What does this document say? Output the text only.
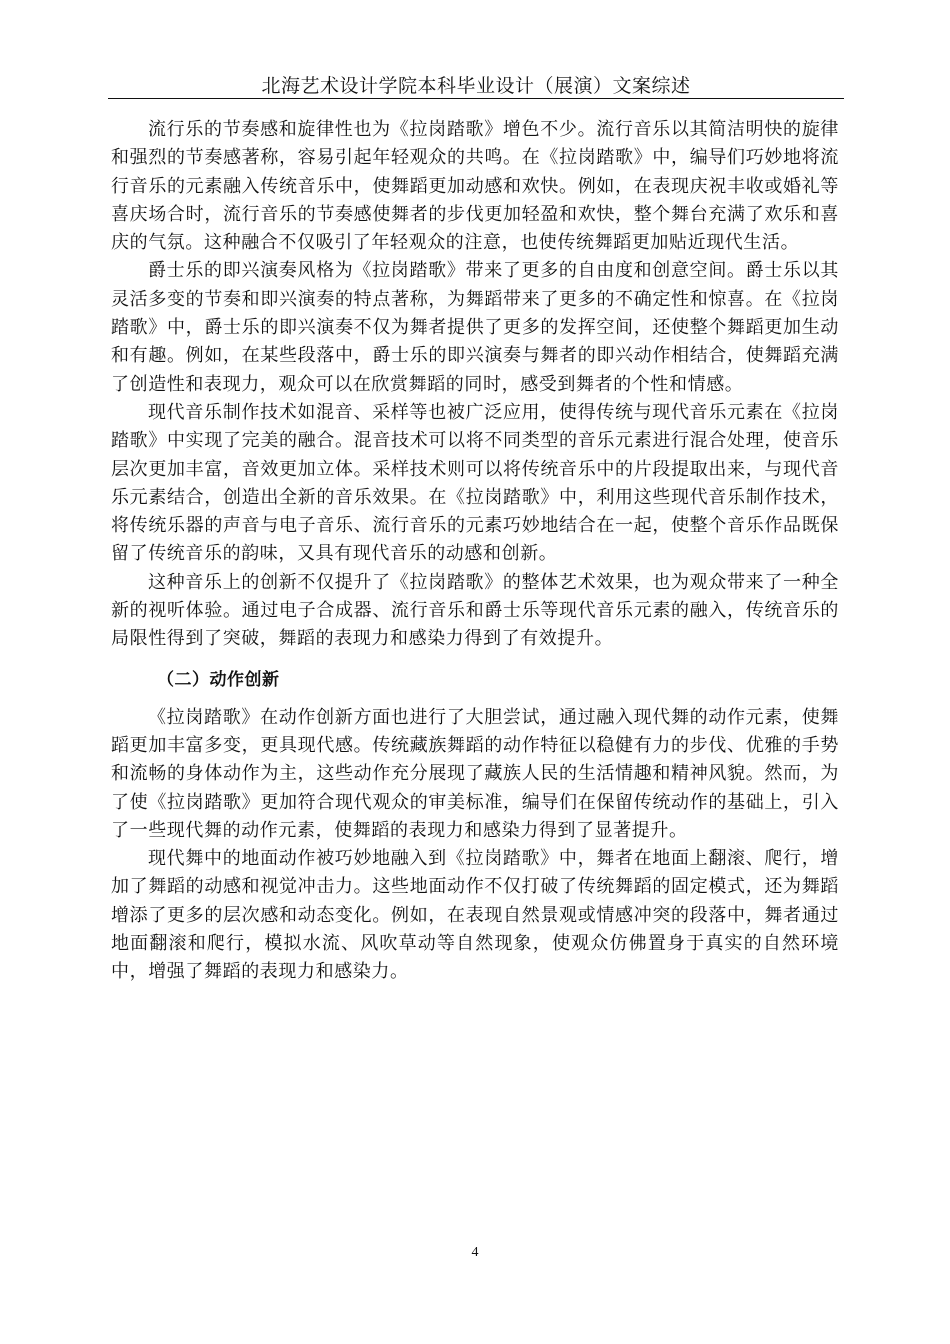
北海艺术设计学院本科毕业设计（展演）文案综述

流行乐的节奏感和旋律性也为《拉岗踏歌》增色不少。流行音乐以其简洁明快的旋律和强烈的节奏感著称，容易引起年轻观众的共鸣。在《拉岗踏歌》中，编导们巧妙地将流行音乐的元素融入传统音乐中，使舞蹈更加动感和欢快。例如，在表现庆祝丰收或婚礼等喜庆场合时，流行音乐的节奏感使舞者的步伐更加轻盈和欢快，整个舞台充满了欢乐和喜庆的气氛。这种融合不仅吸引了年轻观众的注意，也使传统舞蹈更加贴近现代生活。

爵士乐的即兴演奏风格为《拉岗踏歌》带来了更多的自由度和创意空间。爵士乐以其灵活多变的节奏和即兴演奏的特点著称，为舞蹈带来了更多的不确定性和惊喜。在《拉岗踏歌》中，爵士乐的即兴演奏不仅为舞者提供了更多的发挥空间，还使整个舞蹈更加生动和有趣。例如，在某些段落中，爵士乐的即兴演奏与舞者的即兴动作相结合，使舞蹈充满了创造性和表现力，观众可以在欣赏舞蹈的同时，感受到舞者的个性和情感。

现代音乐制作技术如混音、采样等也被广泛应用，使得传统与现代音乐元素在《拉岗踏歌》中实现了完美的融合。混音技术可以将不同类型的音乐元素进行混合处理，使音乐层次更加丰富，音效更加立体。采样技术则可以将传统音乐中的片段提取出来，与现代音乐元素结合，创造出全新的音乐效果。在《拉岗踏歌》中，利用这些现代音乐制作技术，将传统乐器的声音与电子音乐、流行音乐的元素巧妙地结合在一起，使整个音乐作品既保留了传统音乐的韵味，又具有现代音乐的动感和创新。

这种音乐上的创新不仅提升了《拉岗踏歌》的整体艺术效果，也为观众带来了一种全新的视听体验。通过电子合成器、流行音乐和爵士乐等现代音乐元素的融入，传统音乐的局限性得到了突破，舞蹈的表现力和感染力得到了有效提升。

（二）动作创新

《拉岗踏歌》在动作创新方面也进行了大胆尝试，通过融入现代舞的动作元素，使舞蹈更加丰富多变，更具现代感。传统藏族舞蹈的动作特征以稳健有力的步伐、优雅的手势和流畅的身体动作为主，这些动作充分展现了藏族人民的生活情趣和精神风貌。然而，为了使《拉岗踏歌》更加符合现代观众的审美标准，编导们在保留传统动作的基础上，引入了一些现代舞的动作元素，使舞蹈的表现力和感染力得到了显著提升。

现代舞中的地面动作被巧妙地融入到《拉岗踏歌》中，舞者在地面上翻滚、爬行，增加了舞蹈的动感和视觉冲击力。这些地面动作不仅打破了传统舞蹈的固定模式，还为舞蹈增添了更多的层次感和动态变化。例如，在表现自然景观或情感冲突的段落中，舞者通过地面翻滚和爬行，模拟水流、风吹草动等自然现象，使观众仿佛置身于真实的自然环境中，增强了舞蹈的表现力和感染力。

4
